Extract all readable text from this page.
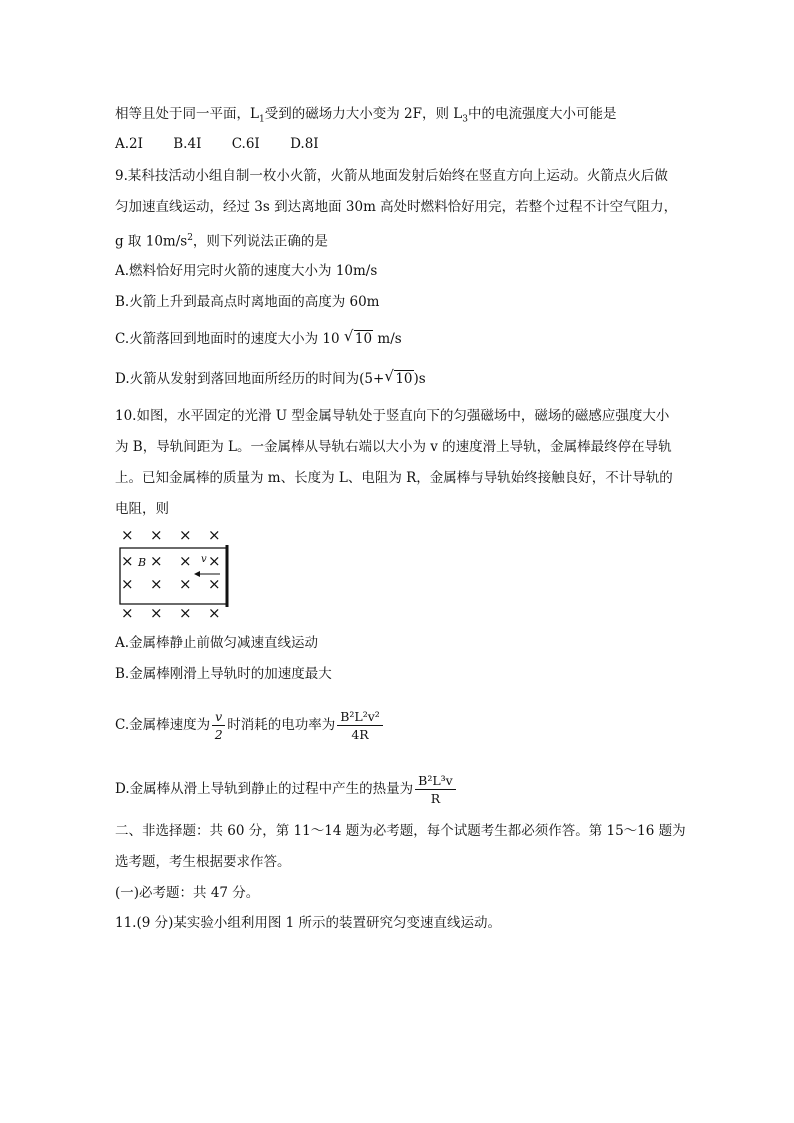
相等且处于同一平面，$L_1$受到的磁场力大小变为 2F，则 $L_3$中的电流强度大小可能是
A.2I B.4I C.6I D.8I
9.某科技活动小组自制一枚小火箭，火箭从地面发射后始终在竖直方向上运动。火箭点火后做
匀加速直线运动，经过 3s 到达离地面 30m 高处时燃料恰好用完，若整个过程不计空气阻力，
g 取 $10m/s^2$，则下列说法正确的是
A.燃料恰好用完时火箭的速度大小为 10m/s
B.火箭上升到最高点时离地面的高度为 60m
C.火箭落回到地面时的速度大小为 10 √ 10 m/s
D.火箭从发射到落回地面所经历的时间为(5+ √ 10)s
10.如图，水平固定的光滑 U 型金属导轨处于竖直向下的匀强磁场中，磁场的磁感应强度大小
为 B，导轨间距为 L。一金属棒从导轨右端以大小为 v 的速度滑上导轨，金属棒最终停在导轨
上。已知金属棒的质量为 m、长度为 L、电阻为 R，金属棒与导轨始终接触良好，不计导轨的
电阻，则
× × × ×
× × × ×
× × × ×
× × × ×
B	v
A.金属棒静止前做匀减速直线运动
B.金属棒刚滑上导轨时的加速度最大
C.金属棒速度为 $\frac{v}{2}$ 时消耗的电功率为 $\frac{\text{B²L²v²}}{4R}$
D.金属棒从滑上导轨到静止的过程中产生的热量为 $\frac{\text{B²L³v}}{R}$
二、非选择题：共 60 分，第 11～14 题为必考题，每个试题考生都必须作答。第 15～16 题为
选考题，考生根据要求作答。
(一)必考题：共 47 分。
11.(9 分)某实验小组利用图 1 所示的装置研究匀变速直线运动。
